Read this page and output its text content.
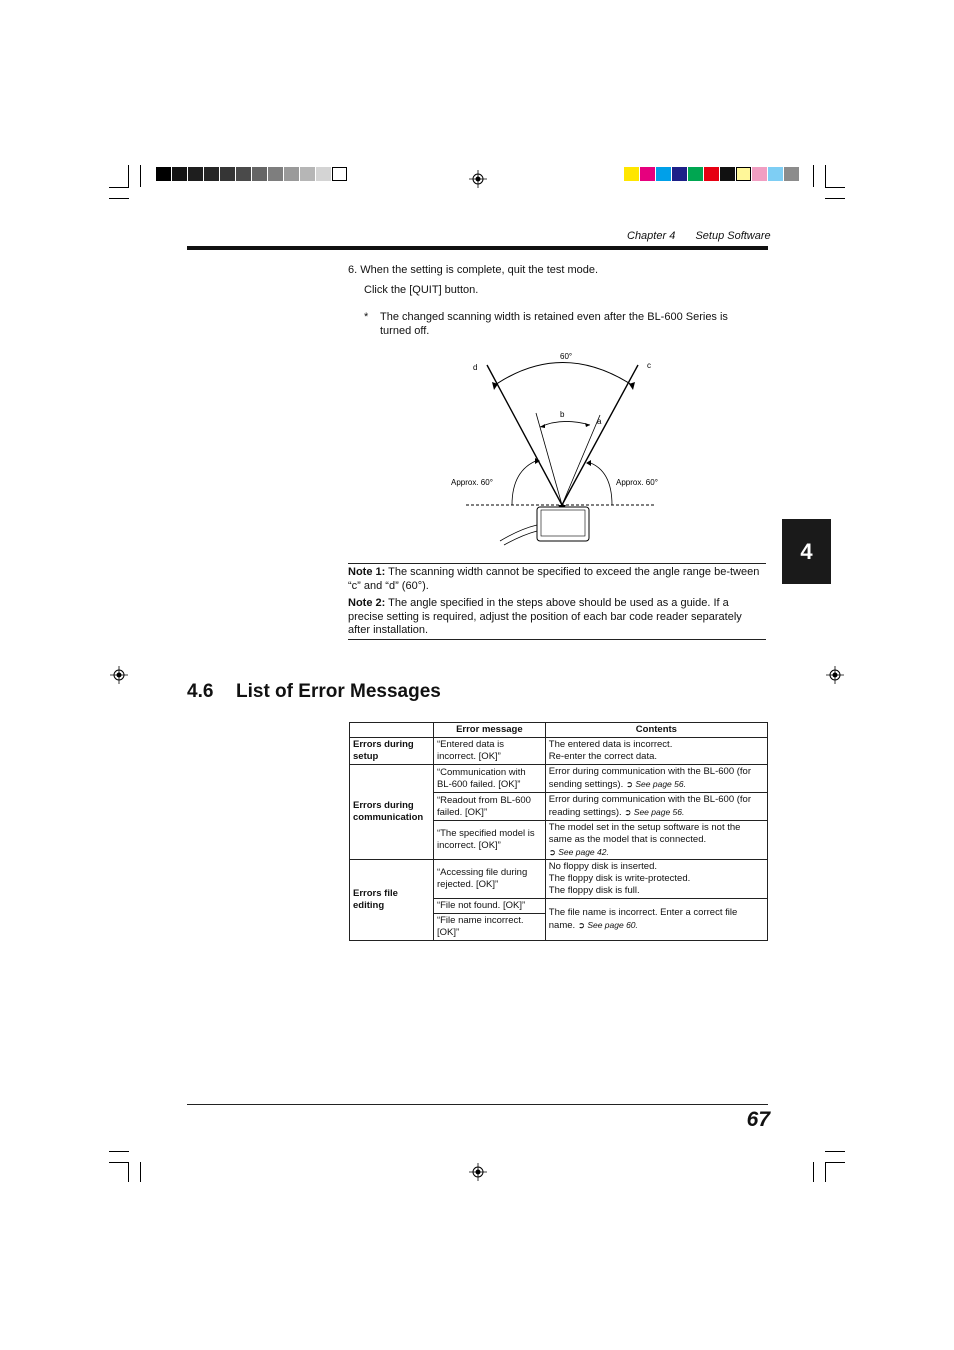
Chapter 4 Setup Software
6. When the setting is complete, quit the test mode.
Click the [QUIT] button.
* The changed scanning width is retained even after the BL-600 Series is turned off.
60°
d	c
b
a
Approx. 60°	Approx. 60°
Note 1: The scanning width cannot be specified to exceed the angle range be-tween “c” and “d” (60°).
Note 2: The angle specified in the steps above should be used as a guide. If a precise setting is required, adjust the position of each bar code reader separately after installation.
4
4.6 List of Error Messages
	Error message	Contents
Errors during setup	“Entered data is incorrect. [OK]”	The entered data is incorrect.
Re-enter the correct data.

Errors during communication	“Communication with BL-600 failed. [OK]”	Error during communication with the BL-600 (for sending settings). ➲ See page 56.
	“Readout from BL-600 failed. [OK]”	Error during communication with the BL-600 (for reading settings). ➲ See page 56.
	“The specified model is incorrect. [OK]”	The model set in the setup software is not the same as the model that is connected.
➲ See page 42.

Errors file editing	“Accessing file during rejected. [OK]”	No floppy disk is inserted.
The floppy disk is write-protected.
The floppy disk is full.

	“File not found. [OK]”	The file name is incorrect. Enter a correct file name. ➲ See page 60.
	“File name incorrect. [OK]”	
67
